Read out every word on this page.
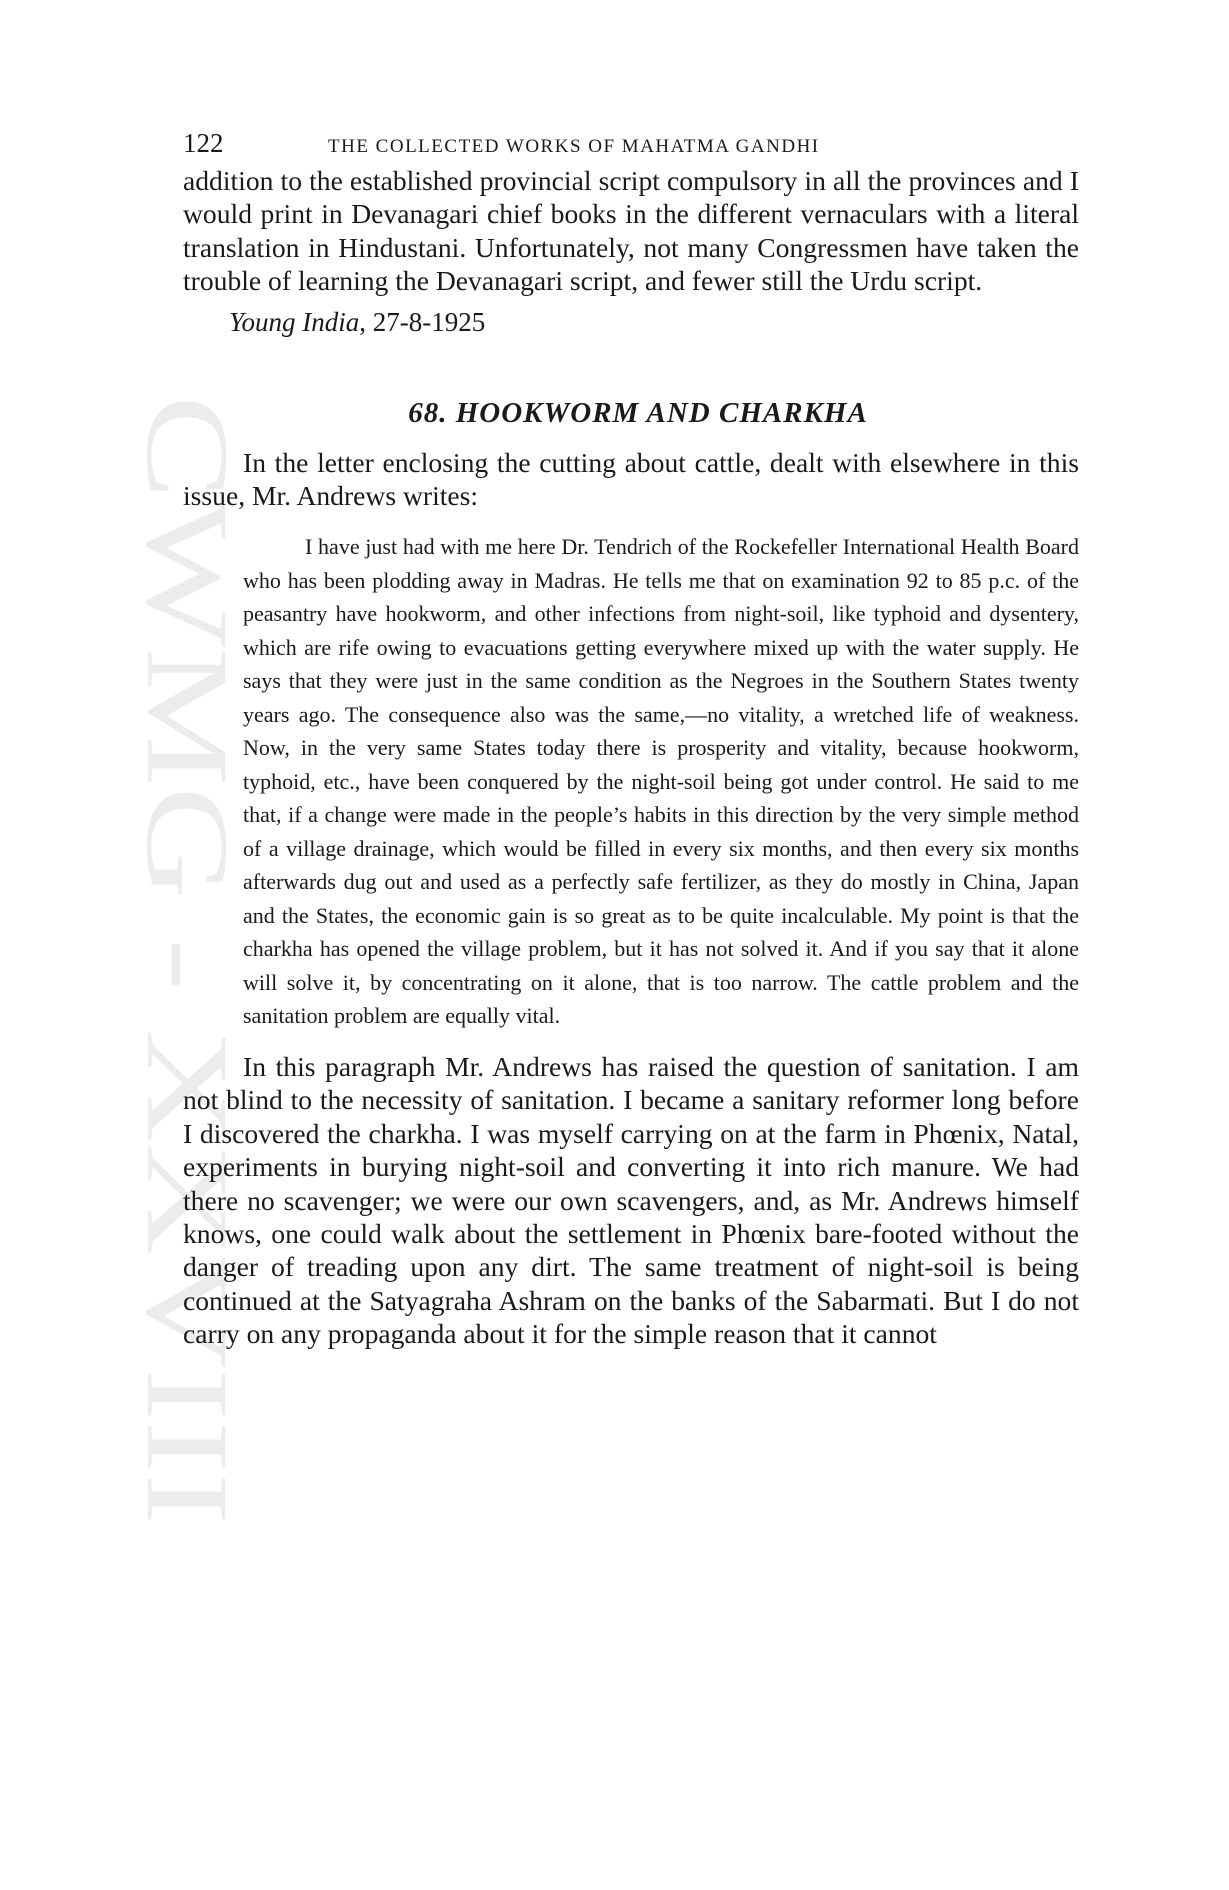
CWMG - XXVIII
122	THE COLLECTED WORKS OF MAHATMA GANDHI

addition to the established provincial script compulsory in all the provinces and I would print in Devanagari chief books in the different vernaculars with a literal translation in Hindustani. Unfortunately, not many Congressmen have taken the trouble of learning the Devanagari script, and fewer still the Urdu script.

Young India, 27-8-1925

68. HOOKWORM AND CHARKHA

In the letter enclosing the cutting about cattle, dealt with elsewhere in this issue, Mr. Andrews writes:

I have just had with me here Dr. Tendrich of the Rockefeller International Health Board who has been plodding away in Madras. He tells me that on examination 92 to 85 p.c. of the peasantry have hookworm, and other infections from night-soil, like typhoid and dysentery, which are rife owing to evacuations getting everywhere mixed up with the water supply. He says that they were just in the same condition as the Negroes in the Southern States twenty years ago. The consequence also was the same,—no vitality, a wretched life of weakness. Now, in the very same States today there is prosperity and vitality, because hookworm, typhoid, etc., have been conquered by the night-soil being got under control. He said to me that, if a change were made in the people’s habits in this direction by the very simple method of a village drainage, which would be filled in every six months, and then every six months afterwards dug out and used as a perfectly safe fertilizer, as they do mostly in China, Japan and the States, the economic gain is so great as to be quite incalculable. My point is that the charkha has opened the village problem, but it has not solved it. And if you say that it alone will solve it, by concentrating on it alone, that is too narrow. The cattle problem and the sanitation problem are equally vital.

In this paragraph Mr. Andrews has raised the question of sanitation. I am not blind to the necessity of sanitation. I became a sanitary reformer long before I discovered the charkha. I was myself carrying on at the farm in Phœnix, Natal, experiments in burying night-soil and converting it into rich manure. We had there no scavenger; we were our own scavengers, and, as Mr. Andrews himself knows, one could walk about the settlement in Phœnix bare-footed without the danger of treading upon any dirt. The same treatment of night-soil is being continued at the Satyagraha Ashram on the banks of the Sabarmati. But I do not carry on any propaganda about it for the simple reason that it cannot
